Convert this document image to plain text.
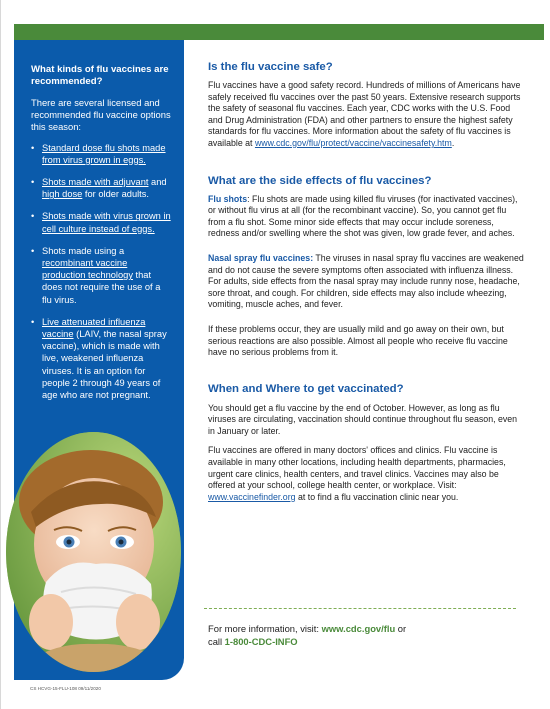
What kinds of flu vaccines are recommended?
There are several licensed and recommended flu vaccine options this season:
• Standard dose flu shots made from virus grown in eggs.
• Shots made with adjuvant and high dose for older adults.
• Shots made with virus grown in cell culture instead of eggs.
• Shots made using a recombinant vaccine production technology that does not require the use of a flu virus.
• Live attenuated influenza vaccine (LAIV, the nasal spray vaccine), which is made with live, weakened influenza viruses. It is an option for people 2 through 49 years of age who are not pregnant.
Is the flu vaccine safe?

Flu vaccines have a good safety record. Hundreds of millions of Americans have safely received flu vaccines over the past 50 years. Extensive research supports the safety of seasonal flu vaccines. Each year, CDC works with the U.S. Food and Drug Administration (FDA) and other partners to ensure the highest safety standards for flu vaccines. More information about the safety of flu vaccines is available at www.cdc.gov/flu/protect/vaccine/vaccinesafety.htm.

What are the side effects of flu vaccines?

Flu shots: Flu shots are made using killed flu viruses (for inactivated vaccines), or without flu virus at all (for the recombinant vaccine). So, you cannot get flu from a flu shot. Some minor side effects that may occur include soreness, redness and/or swelling where the shot was given, low grade fever, and aches.

Nasal spray flu vaccines: The viruses in nasal spray flu vaccines are weakened and do not cause the severe symptoms often associated with influenza illness. For adults, side effects from the nasal spray may include runny nose, headache, sore throat, and cough. For children, side effects may also include wheezing, vomiting, muscle aches, and fever.

If these problems occur, they are usually mild and go away on their own, but serious reactions are also possible. Almost all people who receive flu vaccine have no serious problems from it.

When and Where to get vaccinated?

You should get a flu vaccine by the end of October. However, as long as flu viruses are circulating, vaccination should continue throughout flu season, even in January or later.

Flu vaccines are offered in many doctors' offices and clinics. Flu vaccine is available in many other locations, including health departments, pharmacies, urgent care clinics, health centers, and travel clinics. Vaccines may also be offered at your school, college health center, or workplace. Visit: www.vaccinefinder.org at to find a flu vaccination clinic near you.

For more information, visit: www.cdc.gov/flu or

call 1-800-CDC-INFO

CS HCVG-15-FLU-108 09/11/2020
